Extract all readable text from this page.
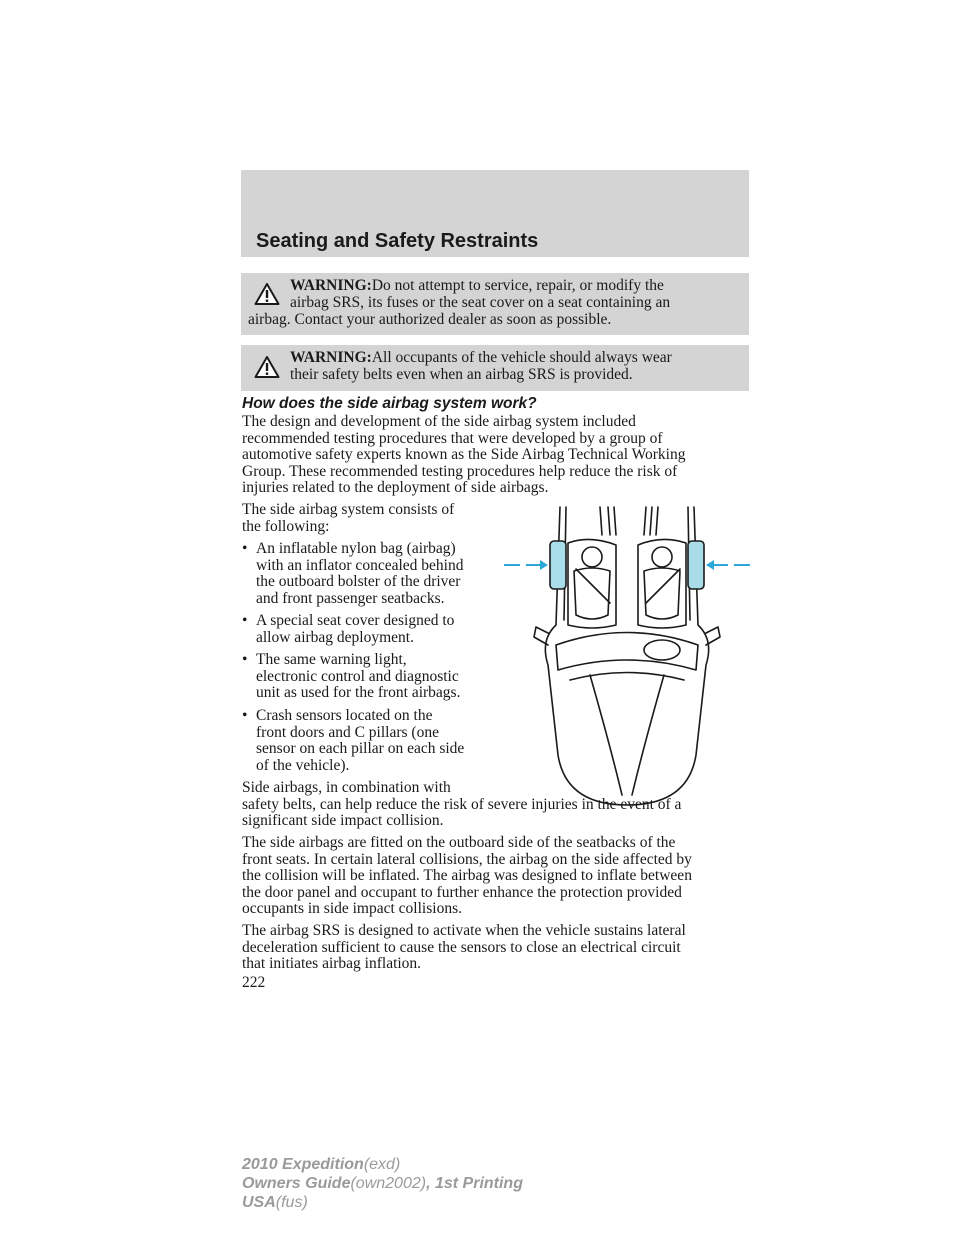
Seating and Safety Restraints

WARNING:Do not attempt to service, repair, or modify the

airbag SRS, its fuses or the seat cover on a seat containing an

airbag. Contact your authorized dealer as soon as possible.

WARNING:All occupants of the vehicle should always wear

their safety belts even when an airbag SRS is provided.

How does the side airbag system work?

The design and development of the side airbag system included

recommended testing procedures that were developed by a group of

automotive safety experts known as the Side Airbag Technical Working

Group. These recommended testing procedures help reduce the risk of

injuries related to the deployment of side airbags.

The side airbag system consists of

the following:

• An inflatable nylon bag (airbag)
with an inflator concealed behind
the outboard bolster of the driver
and front passenger seatbacks.
• A special seat cover designed to
allow airbag deployment.
• The same warning light,
electronic control and diagnostic
unit as used for the front airbags.
• Crash sensors located on the
front doors and C pillars (one
sensor on each pillar on each side
of the vehicle).

Side airbags, in combination with

safety belts, can help reduce the risk of severe injuries in the event of a

significant side impact collision.

The side airbags are fitted on the outboard side of the seatbacks of the

front seats. In certain lateral collisions, the airbag on the side affected by

the collision will be inflated. The airbag was designed to inflate between

the door panel and occupant to further enhance the protection provided

occupants in side impact collisions.

The airbag SRS is designed to activate when the vehicle sustains lateral

deceleration sufficient to cause the sensors to close an electrical circuit

that initiates airbag inflation.

222

2010 Expedition(exd)
Owners Guide(own2002), 1st Printing
USA(fus)
